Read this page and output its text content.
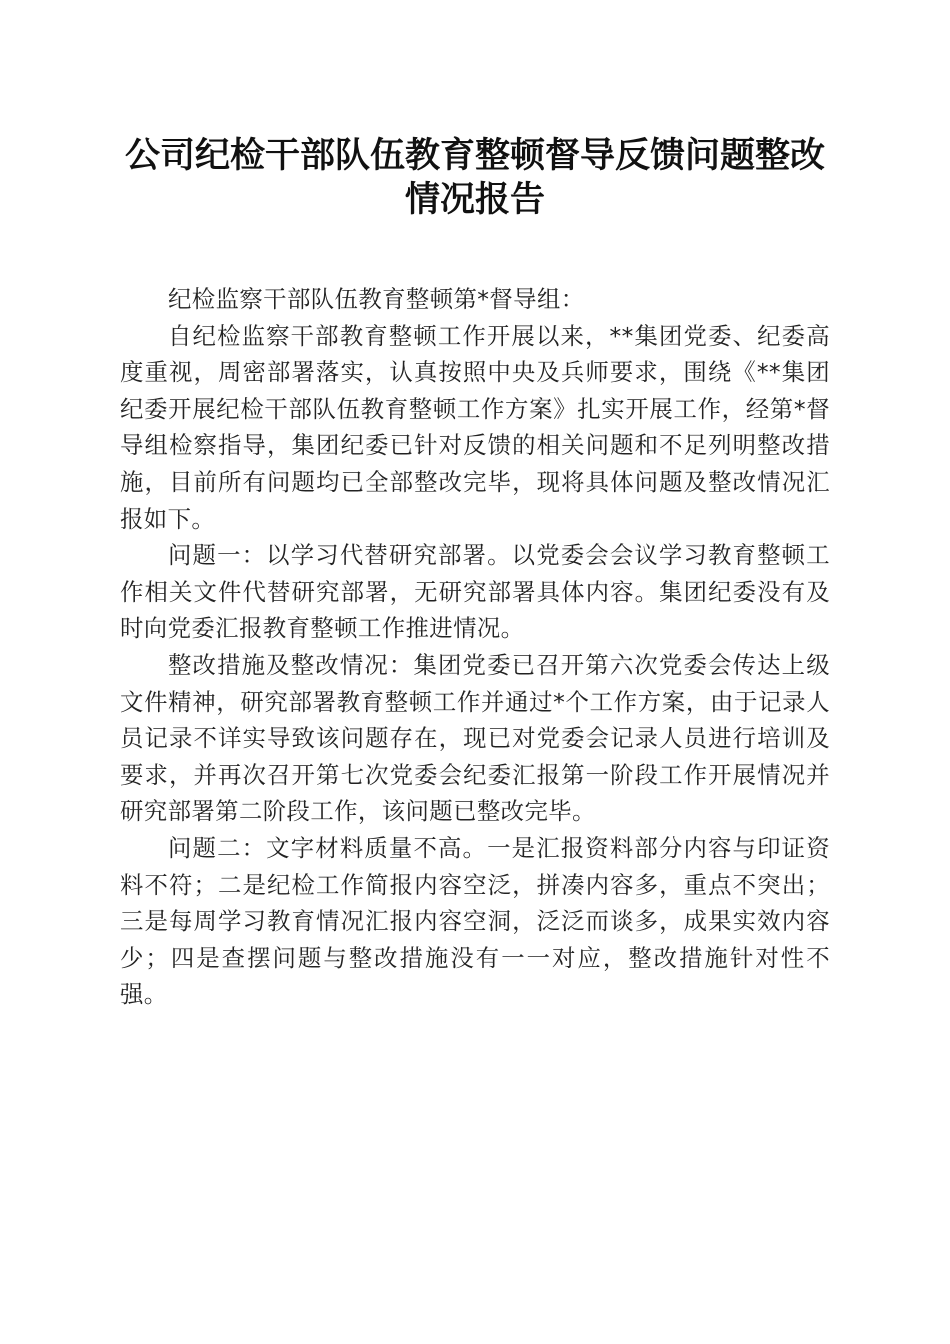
公司纪检干部队伍教育整顿督导反馈问题整改
情况报告

纪检监察干部队伍教育整顿第*督导组：

自纪检监察干部教育整顿工作开展以来，**集团党委、纪委高度重视，周密部署落实，认真按照中央及兵师要求，围绕《**集团纪委开展纪检干部队伍教育整顿工作方案》扎实开展工作，经第*督导组检察指导，集团纪委已针对反馈的相关问题和不足列明整改措施，目前所有问题均已全部整改完毕，现将具体问题及整改情况汇报如下。

问题一：以学习代替研究部署。以党委会会议学习教育整顿工作相关文件代替研究部署，无研究部署具体内容。集团纪委没有及时向党委汇报教育整顿工作推进情况。

整改措施及整改情况：集团党委已召开第六次党委会传达上级文件精神，研究部署教育整顿工作并通过*个工作方案，由于记录人员记录不详实导致该问题存在，现已对党委会记录人员进行培训及要求，并再次召开第七次党委会纪委汇报第一阶段工作开展情况并研究部署第二阶段工作，该问题已整改完毕。

问题二：文字材料质量不高。一是汇报资料部分内容与印证资料不符；二是纪检工作简报内容空泛，拼凑内容多，重点不突出；三是每周学习教育情况汇报内容空洞，泛泛而谈多，成果实效内容少；四是查摆问题与整改措施没有一一对应，整改措施针对性不强。
